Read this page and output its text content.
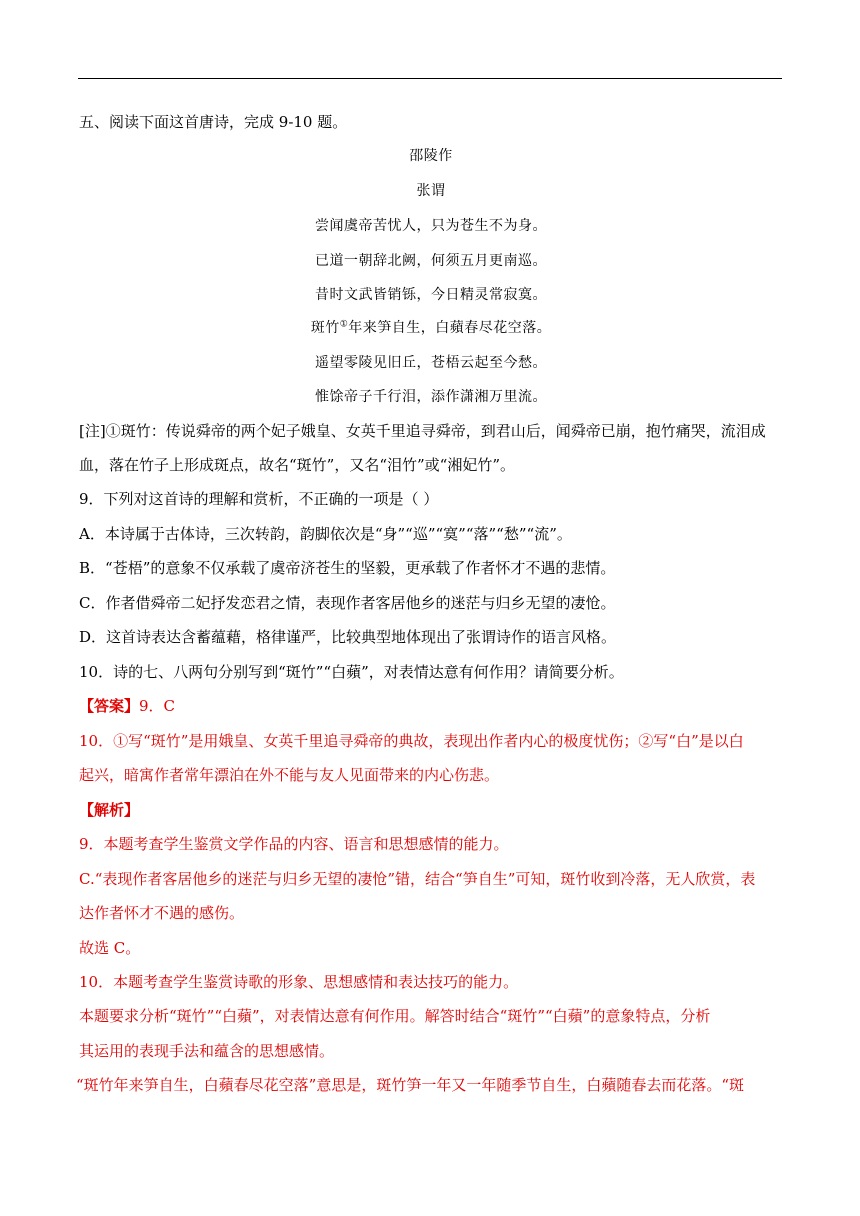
五、阅读下面这首唐诗，完成 9-10 题。
邵陵作
张谓
尝闻虞帝苦忧人，只为苍生不为身。
已道一朝辞北阙，何须五月更南巡。
昔时文武皆销铄，今日精灵常寂寞。
斑竹①年来笋自生，白蘋春尽花空落。
遥望零陵见旧丘，苍梧云起至今愁。
惟馀帝子千行泪，添作潇湘万里流。
[注]①斑竹：传说舜帝的两个妃子娥皇、女英千里追寻舜帝，到君山后，闻舜帝已崩，抱竹痛哭，流泪成
血，落在竹子上形成斑点，故名“斑竹”，又名“泪竹”或“湘妃竹”。
9．下列对这首诗的理解和赏析，不正确的一项是（ ）
A．本诗属于古体诗，三次转韵，韵脚依次是“身”“巡”“寞”“落”“愁”“流”。
B．“苍梧”的意象不仅承载了虞帝济苍生的坚毅，更承载了作者怀才不遇的悲情。
C．作者借舜帝二妃抒发恋君之情，表现作者客居他乡的迷茫与归乡无望的凄怆。
D．这首诗表达含蓄蕴藉，格律谨严，比较典型地体现出了张谓诗作的语言风格。
10．诗的七、八两句分别写到“斑竹”“白蘋”，对表情达意有何作用？请简要分析。
【答案】9．C
10．①写“斑竹”是用娥皇、女英千里追寻舜帝的典故，表现出作者内心的极度忧伤；②写“白”是以白
起兴，暗寓作者常年漂泊在外不能与友人见面带来的内心伤悲。
【解析】
9．本题考查学生鉴赏文学作品的内容、语言和思想感情的能力。
C.“表现作者客居他乡的迷茫与归乡无望的凄怆”错，结合“笋自生”可知，斑竹收到冷落，无人欣赏，表
达作者怀才不遇的感伤。
故选 C。
10．本题考查学生鉴赏诗歌的形象、思想感情和表达技巧的能力。
本题要求分析“斑竹”“白蘋”，对表情达意有何作用。解答时结合“斑竹”“白蘋”的意象特点，分析
其运用的表现手法和蕴含的思想感情。
“斑竹年来笋自生，白蘋春尽花空落”意思是，斑竹笋一年又一年随季节自生，白蘋随春去而花落。“斑
